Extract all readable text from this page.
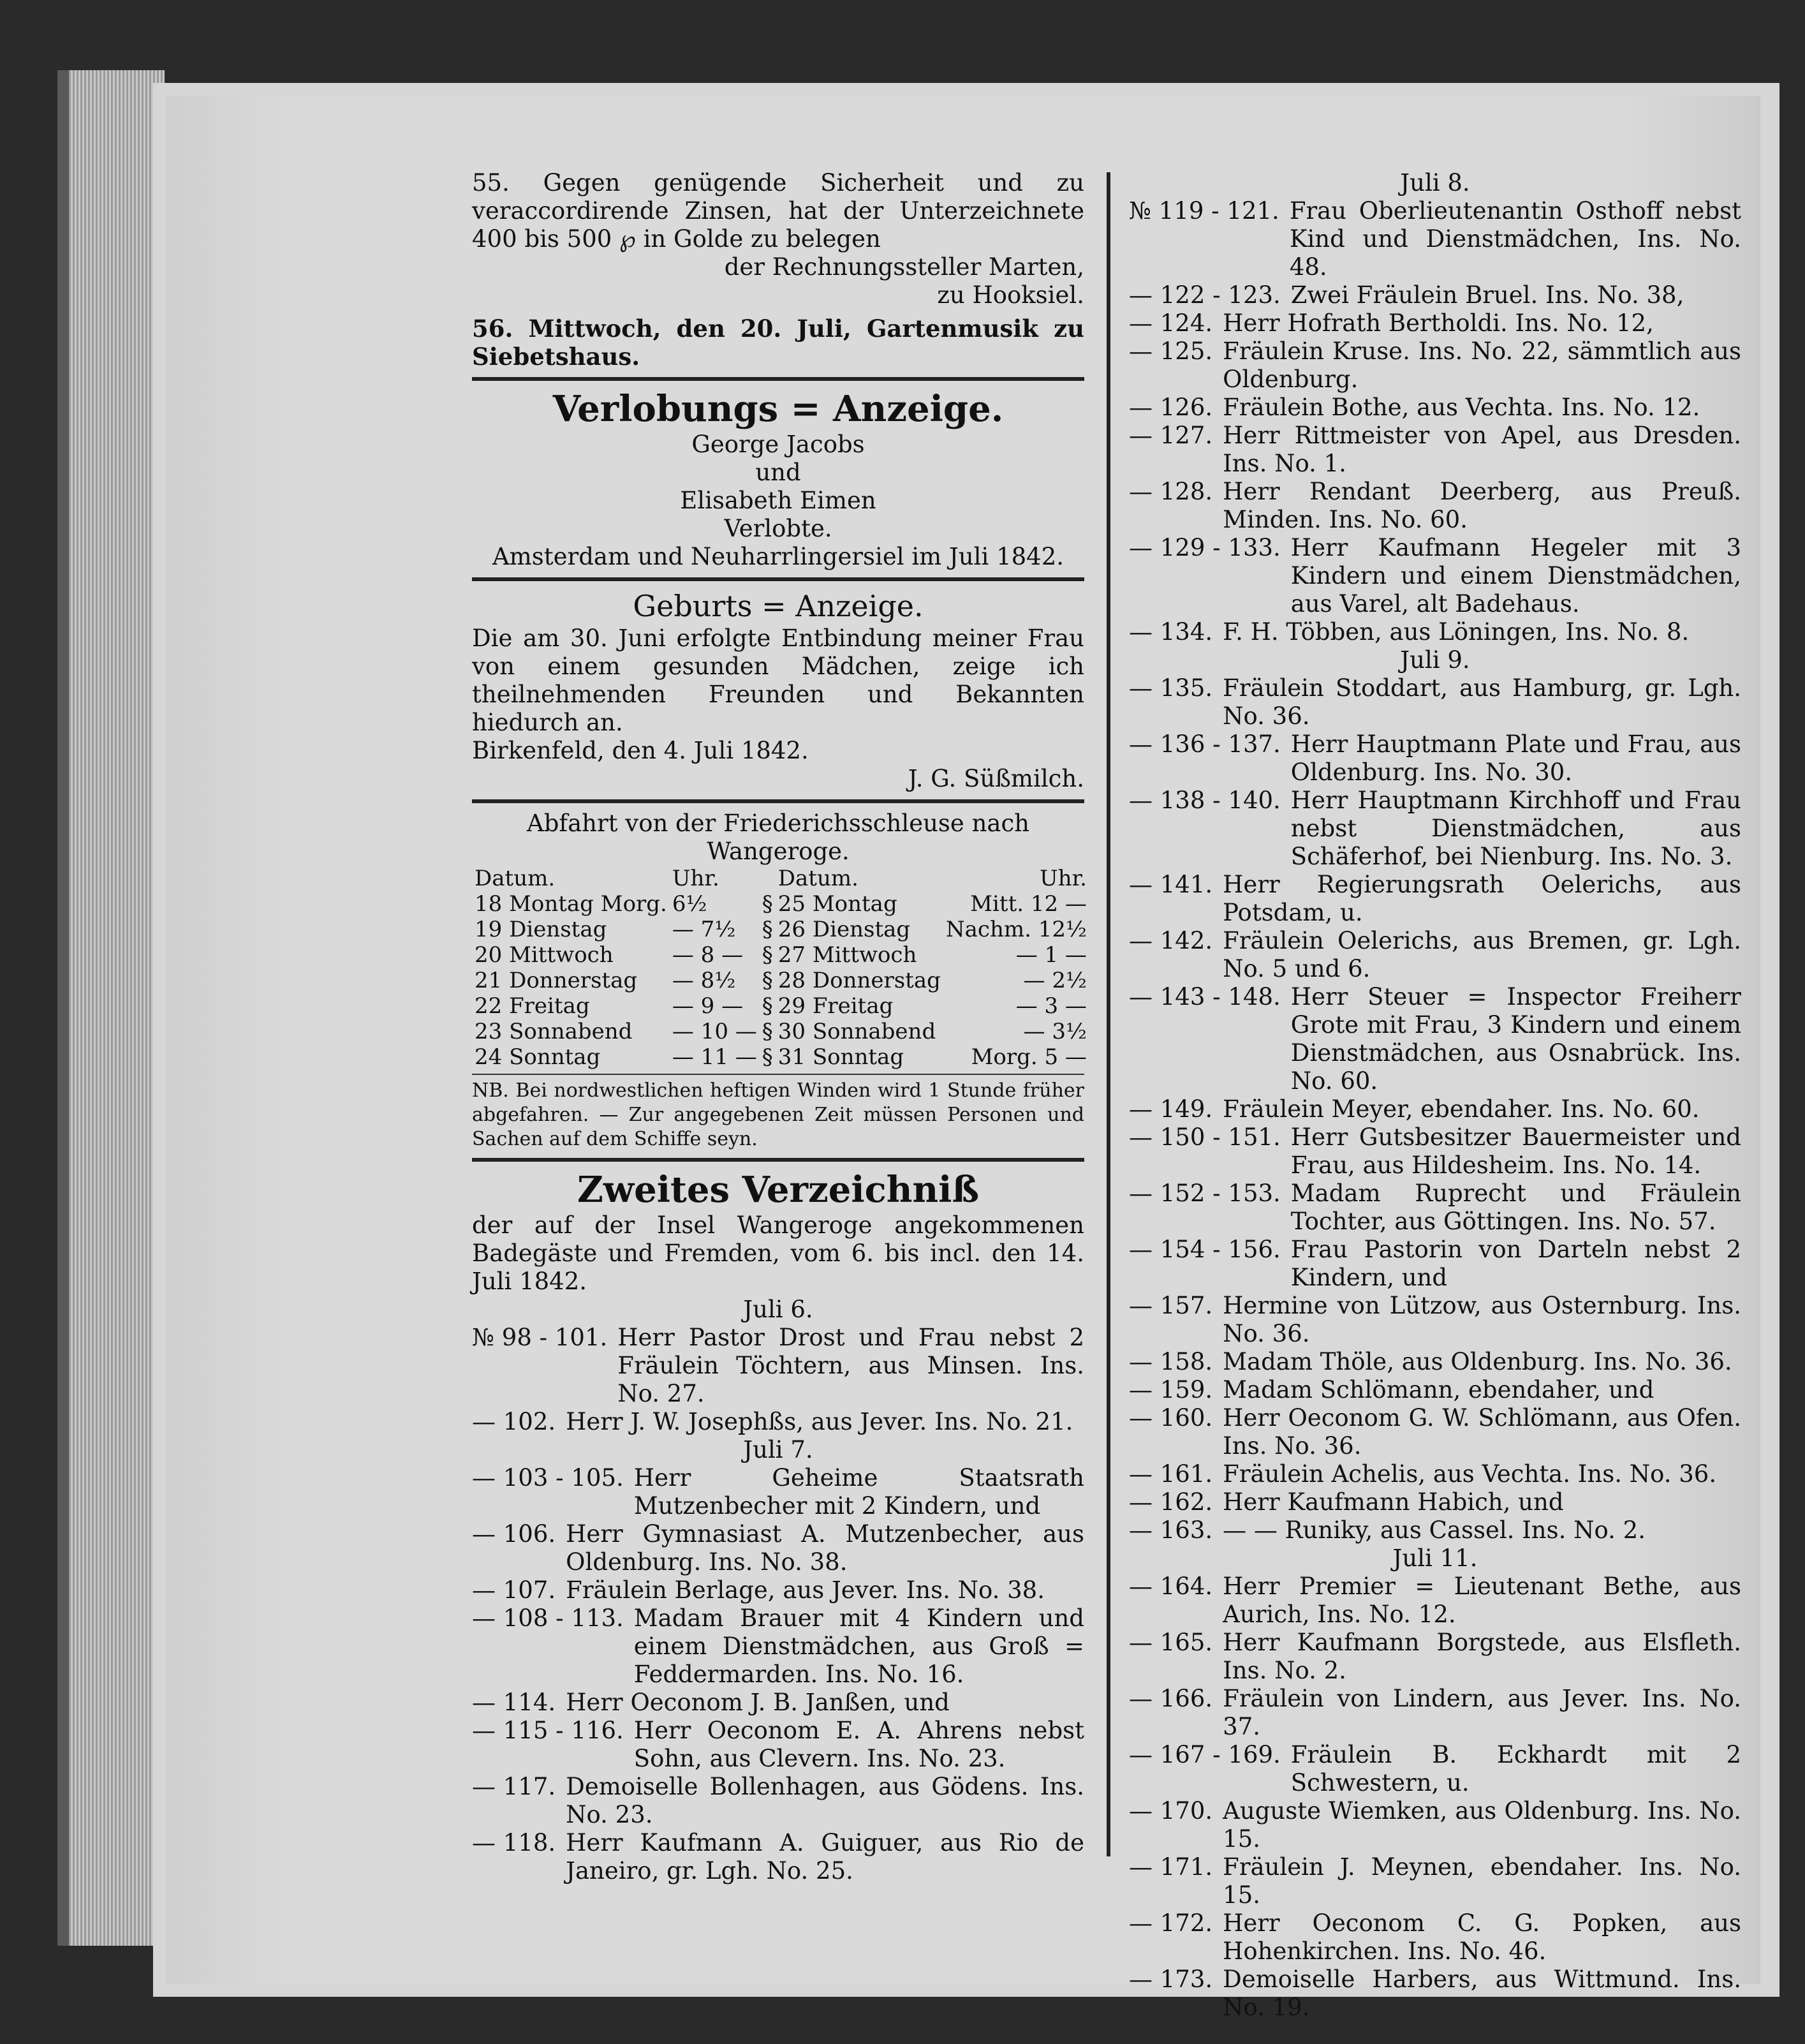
55. Gegen genügende Sicherheit und zu veraccordirende Zinsen, hat der Unterzeichnete 400 bis 500 ℘ in Golde zu belegen

der Rechnungssteller Marten,

zu Hooksiel.

56. Mittwoch, den 20. Juli, Gartenmusik zu Siebetshaus.

Verlobungs = Anzeige.

George Jacobs

und

Elisabeth Eimen

Verlobte.

Amsterdam und Neuharrlingersiel im Juli 1842.

Geburts = Anzeige.

Die am 30. Juni erfolgte Entbindung meiner Frau von einem gesunden Mädchen, zeige ich theilnehmenden Freunden und Bekannten hiedurch an.

Birkenfeld, den 4. Juli 1842.

J. G. Süßmilch.

Abfahrt von der Friederichsschleuse nach Wangeroge.

Datum.	Uhr.		Datum.	Uhr.
18 Montag Morg.	6½	§	25 Montag	Mitt. 12 —
19 Dienstag	— 7½	§	26 Dienstag	Nachm. 12½
20 Mittwoch	— 8 —	§	27 Mittwoch	— 1 —
21 Donnerstag	— 8½	§	28 Donnerstag	— 2½
22 Freitag	— 9 —	§	29 Freitag	— 3 —
23 Sonnabend	— 10 —	§	30 Sonnabend	— 3½
24 Sonntag	— 11 —	§	31 Sonntag	Morg. 5 —

NB. Bei nordwestlichen heftigen Winden wird 1 Stunde früher abgefahren. — Zur angegebenen Zeit müssen Personen und Sachen auf dem Schiffe seyn.

Zweites Verzeichniß

der auf der Insel Wangeroge angekommenen Badegäste und Fremden, vom 6. bis incl. den 14. Juli 1842.

Juli 6.

№ 98 - 101. Herr Pastor Drost und Frau nebst 2 Fräulein Töchtern, aus Minsen. Ins. No. 27.
— 102. Herr J. W. Josephßs, aus Jever. Ins. No. 21.

Juli 7.

— 103 - 105. Herr Geheime Staatsrath Mutzenbecher mit 2 Kindern, und
— 106. Herr Gymnasiast A. Mutzenbecher, aus Oldenburg. Ins. No. 38.
— 107. Fräulein Berlage, aus Jever. Ins. No. 38.
— 108 - 113. Madam Brauer mit 4 Kindern und einem Dienstmädchen, aus Groß = Feddermarden. Ins. No. 16.
— 114. Herr Oeconom J. B. Janßen, und
— 115 - 116. Herr Oeconom E. A. Ahrens nebst Sohn, aus Clevern. Ins. No. 23.
— 117. Demoiselle Bollenhagen, aus Gödens. Ins. No. 23.
— 118. Herr Kaufmann A. Guiguer, aus Rio de Janeiro, gr. Lgh. No. 25.

Juli 8.

№ 119 - 121. Frau Oberlieutenantin Osthoff nebst Kind und Dienstmädchen, Ins. No. 48.
— 122 - 123. Zwei Fräulein Bruel. Ins. No. 38,
— 124. Herr Hofrath Bertholdi. Ins. No. 12,
— 125. Fräulein Kruse. Ins. No. 22, sämmtlich aus Oldenburg.
— 126. Fräulein Bothe, aus Vechta. Ins. No. 12.
— 127. Herr Rittmeister von Apel, aus Dresden. Ins. No. 1.
— 128. Herr Rendant Deerberg, aus Preuß. Minden. Ins. No. 60.
— 129 - 133. Herr Kaufmann Hegeler mit 3 Kindern und einem Dienstmädchen, aus Varel, alt Badehaus.
— 134. F. H. Többen, aus Löningen, Ins. No. 8.

Juli 9.

— 135. Fräulein Stoddart, aus Hamburg, gr. Lgh. No. 36.
— 136 - 137. Herr Hauptmann Plate und Frau, aus Oldenburg. Ins. No. 30.
— 138 - 140. Herr Hauptmann Kirchhoff und Frau nebst Dienstmädchen, aus Schäferhof, bei Nienburg. Ins. No. 3.
— 141. Herr Regierungsrath Oelerichs, aus Potsdam, u.
— 142. Fräulein Oelerichs, aus Bremen, gr. Lgh. No. 5 und 6.
— 143 - 148. Herr Steuer = Inspector Freiherr Grote mit Frau, 3 Kindern und einem Dienstmädchen, aus Osnabrück. Ins. No. 60.
— 149. Fräulein Meyer, ebendaher. Ins. No. 60.
— 150 - 151. Herr Gutsbesitzer Bauermeister und Frau, aus Hildesheim. Ins. No. 14.
— 152 - 153. Madam Ruprecht und Fräulein Tochter, aus Göttingen. Ins. No. 57.
— 154 - 156. Frau Pastorin von Darteln nebst 2 Kindern, und
— 157. Hermine von Lützow, aus Osternburg. Ins. No. 36.
— 158. Madam Thöle, aus Oldenburg. Ins. No. 36.
— 159. Madam Schlömann, ebendaher, und
— 160. Herr Oeconom G. W. Schlömann, aus Ofen. Ins. No. 36.
— 161. Fräulein Achelis, aus Vechta. Ins. No. 36.
— 162. Herr Kaufmann Habich, und
— 163. — — Runiky, aus Cassel. Ins. No. 2.

Juli 11.

— 164. Herr Premier = Lieutenant Bethe, aus Aurich, Ins. No. 12.
— 165. Herr Kaufmann Borgstede, aus Elsfleth. Ins. No. 2.
— 166. Fräulein von Lindern, aus Jever. Ins. No. 37.
— 167 - 169. Fräulein B. Eckhardt mit 2 Schwestern, u.
— 170. Auguste Wiemken, aus Oldenburg. Ins. No. 15.
— 171. Fräulein J. Meynen, ebendaher. Ins. No. 15.
— 172. Herr Oeconom C. G. Popken, aus Hohenkirchen. Ins. No. 46.
— 173. Demoiselle Harbers, aus Wittmund. Ins. No. 19.
